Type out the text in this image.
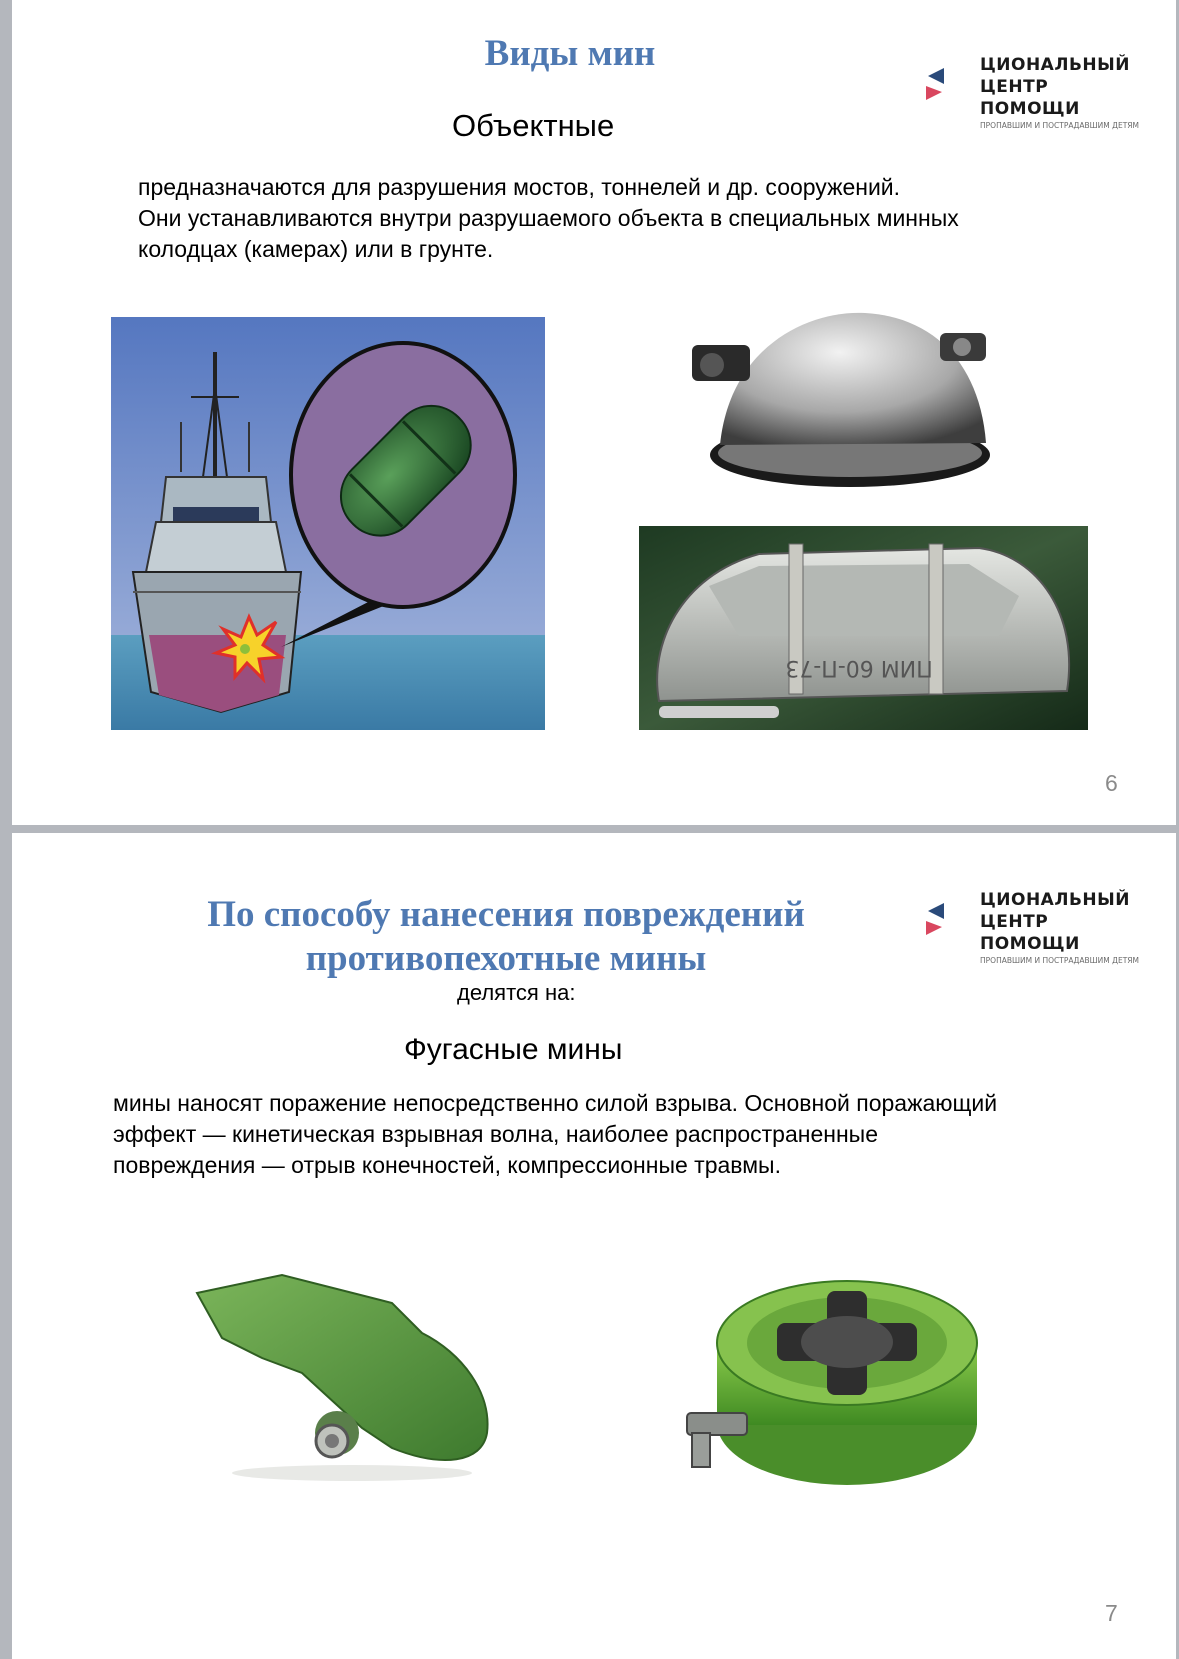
Виды мин	ЦИОНАЛЬНЫЙ
ЦЕНТР ПОМОЩИ
ПРОПАВШИМ И ПОСТРАДАВШИМ ДЕТЯМ
Объектные
предназначаются для разрушения мостов, тоннелей и др. сооружений.
Они устанавливаются внутри разрушаемого объекта в специальных минных
колодцах (камерах) или в грунте.
ПИМ 60-П-73
6
По способу нанесения повреждений
противопехотные мины
ЦИОНАЛЬНЫЙ
ЦЕНТР ПОМОЩИ
ПРОПАВШИМ И ПОСТРАДАВШИМ ДЕТЯМ
делятся на:
Фугасные мины
мины наносят поражение непосредственно силой взрыва. Основной поражающий
эффект — кинетическая взрывная волна, наиболее распространенные
повреждения — отрыв конечностей, компрессионные травмы.
7
